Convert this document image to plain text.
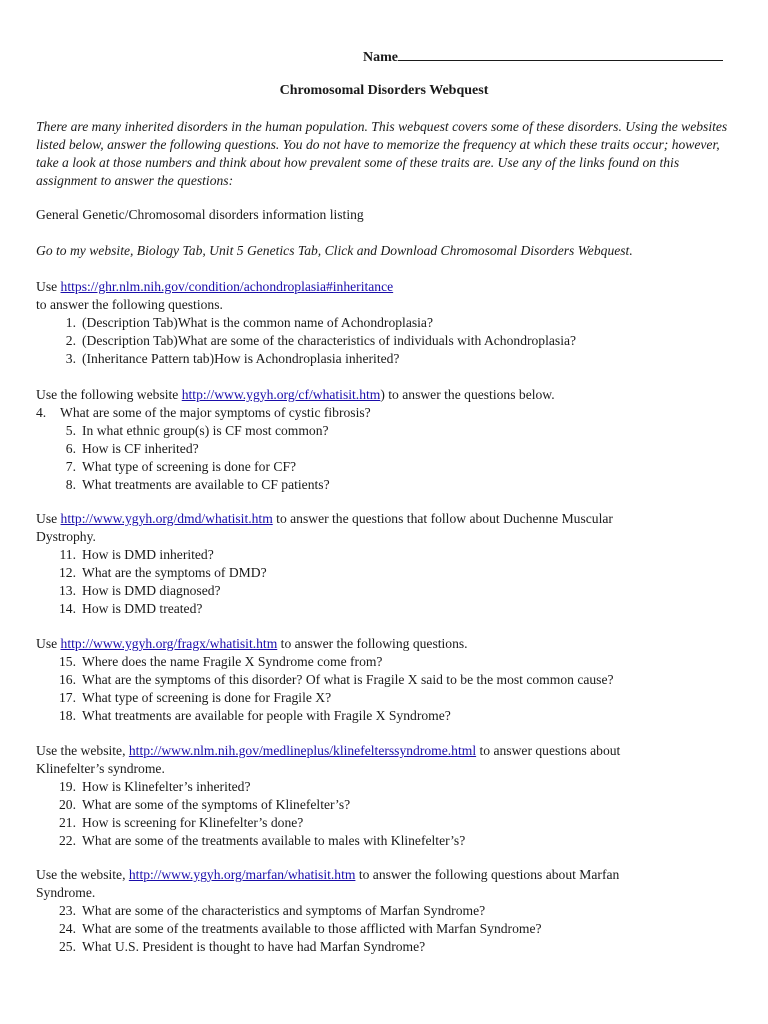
Name
Chromosomal Disorders Webquest
There are many inherited disorders in the human population. This webquest covers some of these disorders. Using the websites listed below, answer the following questions. You do not have to memorize the frequency at which these traits occur; however, take a look at those numbers and think about how prevalent some of these traits are. Use any of the links found on this assignment to answer the questions:
General Genetic/Chromosomal disorders information listing
Go to my website, Biology Tab, Unit 5 Genetics Tab, Click and Download Chromosomal Disorders Webquest.
Use https://ghr.nlm.nih.gov/condition/achondroplasia#inheritance
to answer the following questions.
1. (Description Tab)What is the common name of Achondroplasia?
2. (Description Tab)What are some of the characteristics of individuals with Achondroplasia?
3. (Inheritance Pattern tab)How is Achondroplasia inherited?
Use the following website http://www.ygyh.org/cf/whatisit.htm) to answer the questions below.
4.	What are some of the major symptoms of cystic fibrosis?
5. In what ethnic group(s) is CF most common?
6. How is CF inherited?
7. What type of screening is done for CF?
8. What treatments are available to CF patients?
Use http://www.ygyh.org/dmd/whatisit.htm to answer the questions that follow about Duchenne Muscular
Dystrophy.
11. How is DMD inherited?
12. What are the symptoms of DMD?
13. How is DMD diagnosed?
14. How is DMD treated?
Use http://www.ygyh.org/fragx/whatisit.htm to answer the following questions.
15. Where does the name Fragile X Syndrome come from?
16. What are the symptoms of this disorder? Of what is Fragile X said to be the most common cause?
17. What type of screening is done for Fragile X?
18. What treatments are available for people with Fragile X Syndrome?
Use the website, http://www.nlm.nih.gov/medlineplus/klinefelterssyndrome.html to answer questions about
Klinefelter’s syndrome.
19. How is Klinefelter’s inherited?
20. What are some of the symptoms of Klinefelter’s?
21. How is screening for Klinefelter’s done?
22. What are some of the treatments available to males with Klinefelter’s?
Use the website, http://www.ygyh.org/marfan/whatisit.htm to answer the following questions about Marfan
Syndrome.
23. What are some of the characteristics and symptoms of Marfan Syndrome?
24. What are some of the treatments available to those afflicted with Marfan Syndrome?
25. What U.S. President is thought to have had Marfan Syndrome?
